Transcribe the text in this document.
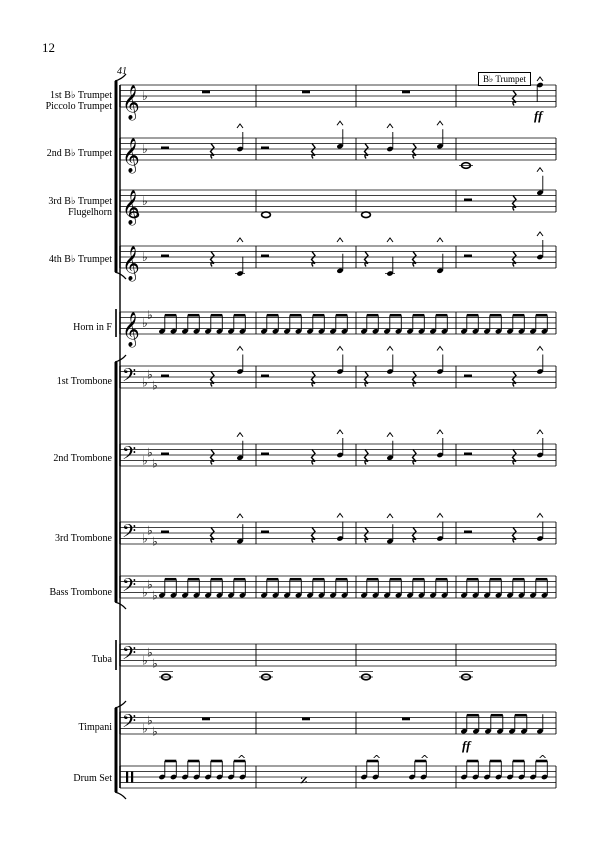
𝄞 ♭
𝄞 ♭
𝄞 ♭
𝄞 ♭
𝄞 ♭
♭
𝄢 ♭
♭
♭
𝄢 ♭
♭
♭
𝄢 ♭
♭
♭
𝄢 ♭
♭
♭
𝄢 ♭
♭
♭
𝄢 ♭
♭
♭
^
𝄎
^	^	^
12
41
B♭ Trumpet
ff
ff
1st B♭ Trumpet
Piccolo Trumpet
2nd B♭ Trumpet
3rd B♭ Trumpet
Flugelhorn
4th B♭ Trumpet
Horn in F
1st Trombone
2nd Trombone
3rd Trombone
Bass Trombone
Tuba
Timpani
Drum Set
